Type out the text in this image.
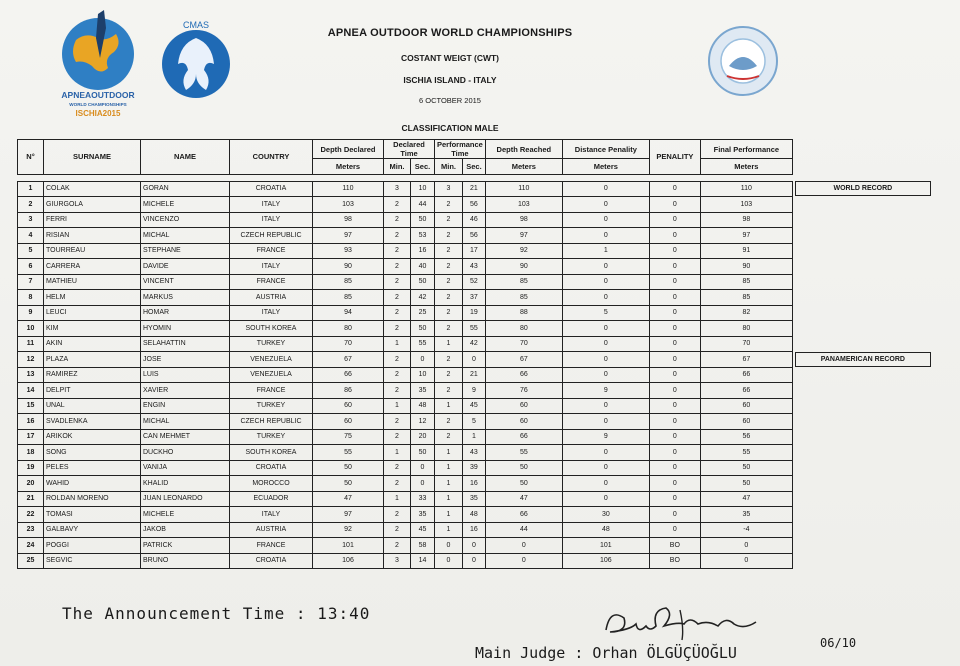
APNEAOUTDOOR
WORLD CHAMPIONSHIPS
ISCHIA2015
CMAS
APNEA OUTDOOR WORLD CHAMPIONSHIPS
COSTANT WEIGT (CWT)
ISCHIA ISLAND - ITALY
6 OCTOBER 2015
CLASSIFICATION MALE
N°	SURNAME	NAME	COUNTRY	Depth Declared	Declared Time		Performance Time		Depth Reached	Distance Penality	PENALITY	Final Performance
				Meters	Min.	Sec.	Min.	Sec.	Meters	Meters		Meters

1	COLAK	GORAN	CROATIA	110	3	10	3	21	110	0	0	110
2	GIURGOLA	MICHELE	ITALY	103	2	44	2	56	103	0	0	103
3	FERRI	VINCENZO	ITALY	98	2	50	2	46	98	0	0	98
4	RISIAN	MICHAL	CZECH REPUBLIC	97	2	53	2	56	97	0	0	97
5	TOURREAU	STEPHANE	FRANCE	93	2	16	2	17	92	1	0	91
6	CARRERA	DAVIDE	ITALY	90	2	40	2	43	90	0	0	90
7	MATHIEU	VINCENT	FRANCE	85	2	50	2	52	85	0	0	85
8	HELM	MARKUS	AUSTRIA	85	2	42	2	37	85	0	0	85
9	LEUCI	HOMAR	ITALY	94	2	25	2	19	88	5	0	82
10	KIM	HYOMIN	SOUTH KOREA	80	2	50	2	55	80	0	0	80
11	AKIN	SELAHATTIN	TURKEY	70	1	55	1	42	70	0	0	70
12	PLAZA	JOSE	VENEZUELA	67	2	0	2	0	67	0	0	67
13	RAMIREZ	LUIS	VENEZUELA	66	2	10	2	21	66	0	0	66
14	DELPIT	XAVIER	FRANCE	86	2	35	2	9	76	9	0	66
15	UNAL	ENGIN	TURKEY	60	1	48	1	45	60	0	0	60
16	SVADLENKA	MICHAL	CZECH REPUBLIC	60	2	12	2	5	60	0	0	60
17	ARIKOK	CAN MEHMET	TURKEY	75	2	20	2	1	66	9	0	56
18	SONG	DUCKHO	SOUTH KOREA	55	1	50	1	43	55	0	0	55
19	PELES	VANIJA	CROATIA	50	2	0	1	39	50	0	0	50
20	WAHID	KHALID	MOROCCO	50	2	0	1	16	50	0	0	50
21	ROLDAN MORENO	JUAN LEONARDO	ECUADOR	47	1	33	1	35	47	0	0	47
22	TOMASI	MICHELE	ITALY	97	2	35	1	48	66	30	0	35
23	GALBAVY	JAKOB	AUSTRIA	92	2	45	1	16	44	48	0	-4
24	POGGI	PATRICK	FRANCE	101	2	58	0	0	0	101	BO	0
25	SEGVIC	BRUNO	CROATIA	106	3	14	0	0	0	106	BO	0
WORLD RECORD
PANAMERICAN RECORD
The Announcement Time : 13:40
06/10
Main Judge : Orhan ÖLGÜÇÜOĞLU
